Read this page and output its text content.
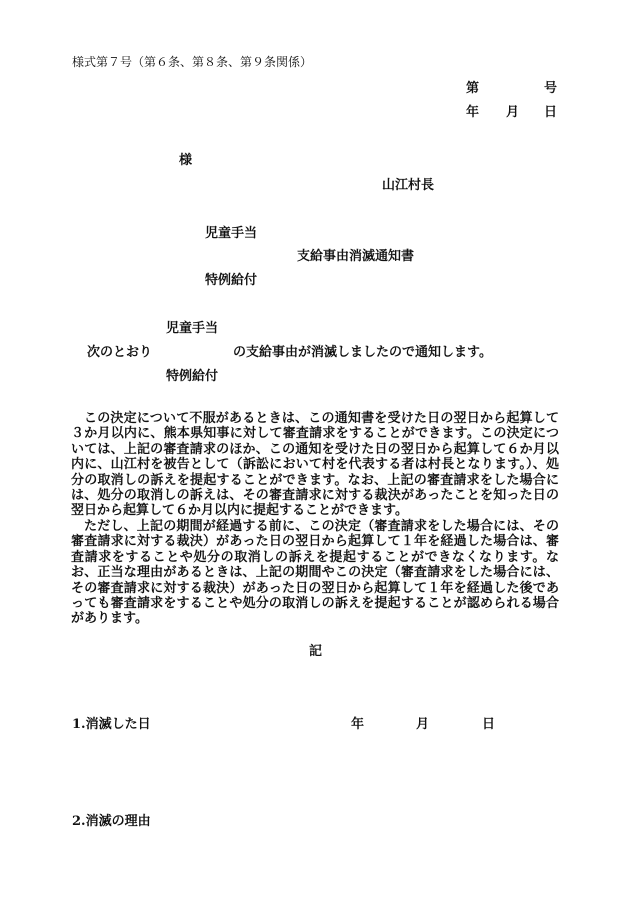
様式第７号（第６条、第８条、第９条関係）
第	号
年 月 日
様
山江村長
児童手当
支給事由消滅通知書
特例給付
児童手当
次のとおり	の支給事由が消滅しましたので通知します。
特例給付
この決定について不服があるときは、この通知書を受けた日の翌日から起算して３か月以内に、熊本県知事に対して審査請求をすることができます。この決定については、上記の審査請求のほか、この通知を受けた日の翌日から起算して６か月以内に、山江村を被告として（訴訟において村を代表する者は村長となります。）、処分の取消しの訴えを提起することができます。なお、上記の審査請求をした場合には、処分の取消しの訴えは、その審査請求に対する裁決があったことを知った日の翌日から起算して６か月以内に提起することができます。
ただし、上記の期間が経過する前に、この決定（審査請求をした場合には、その審査請求に対する裁決）があった日の翌日から起算して１年を経過した場合は、審査請求をすることや処分の取消しの訴えを提起することができなくなります。なお、正当な理由があるときは、上記の期間やこの決定（審査請求をした場合には、その審査請求に対する裁決）があった日の翌日から起算して１年を経過した後であっても審査請求をすることや処分の取消しの訴えを提起することが認められる場合があります。
記
1.消滅した日	年	月	日
2.消滅の理由
